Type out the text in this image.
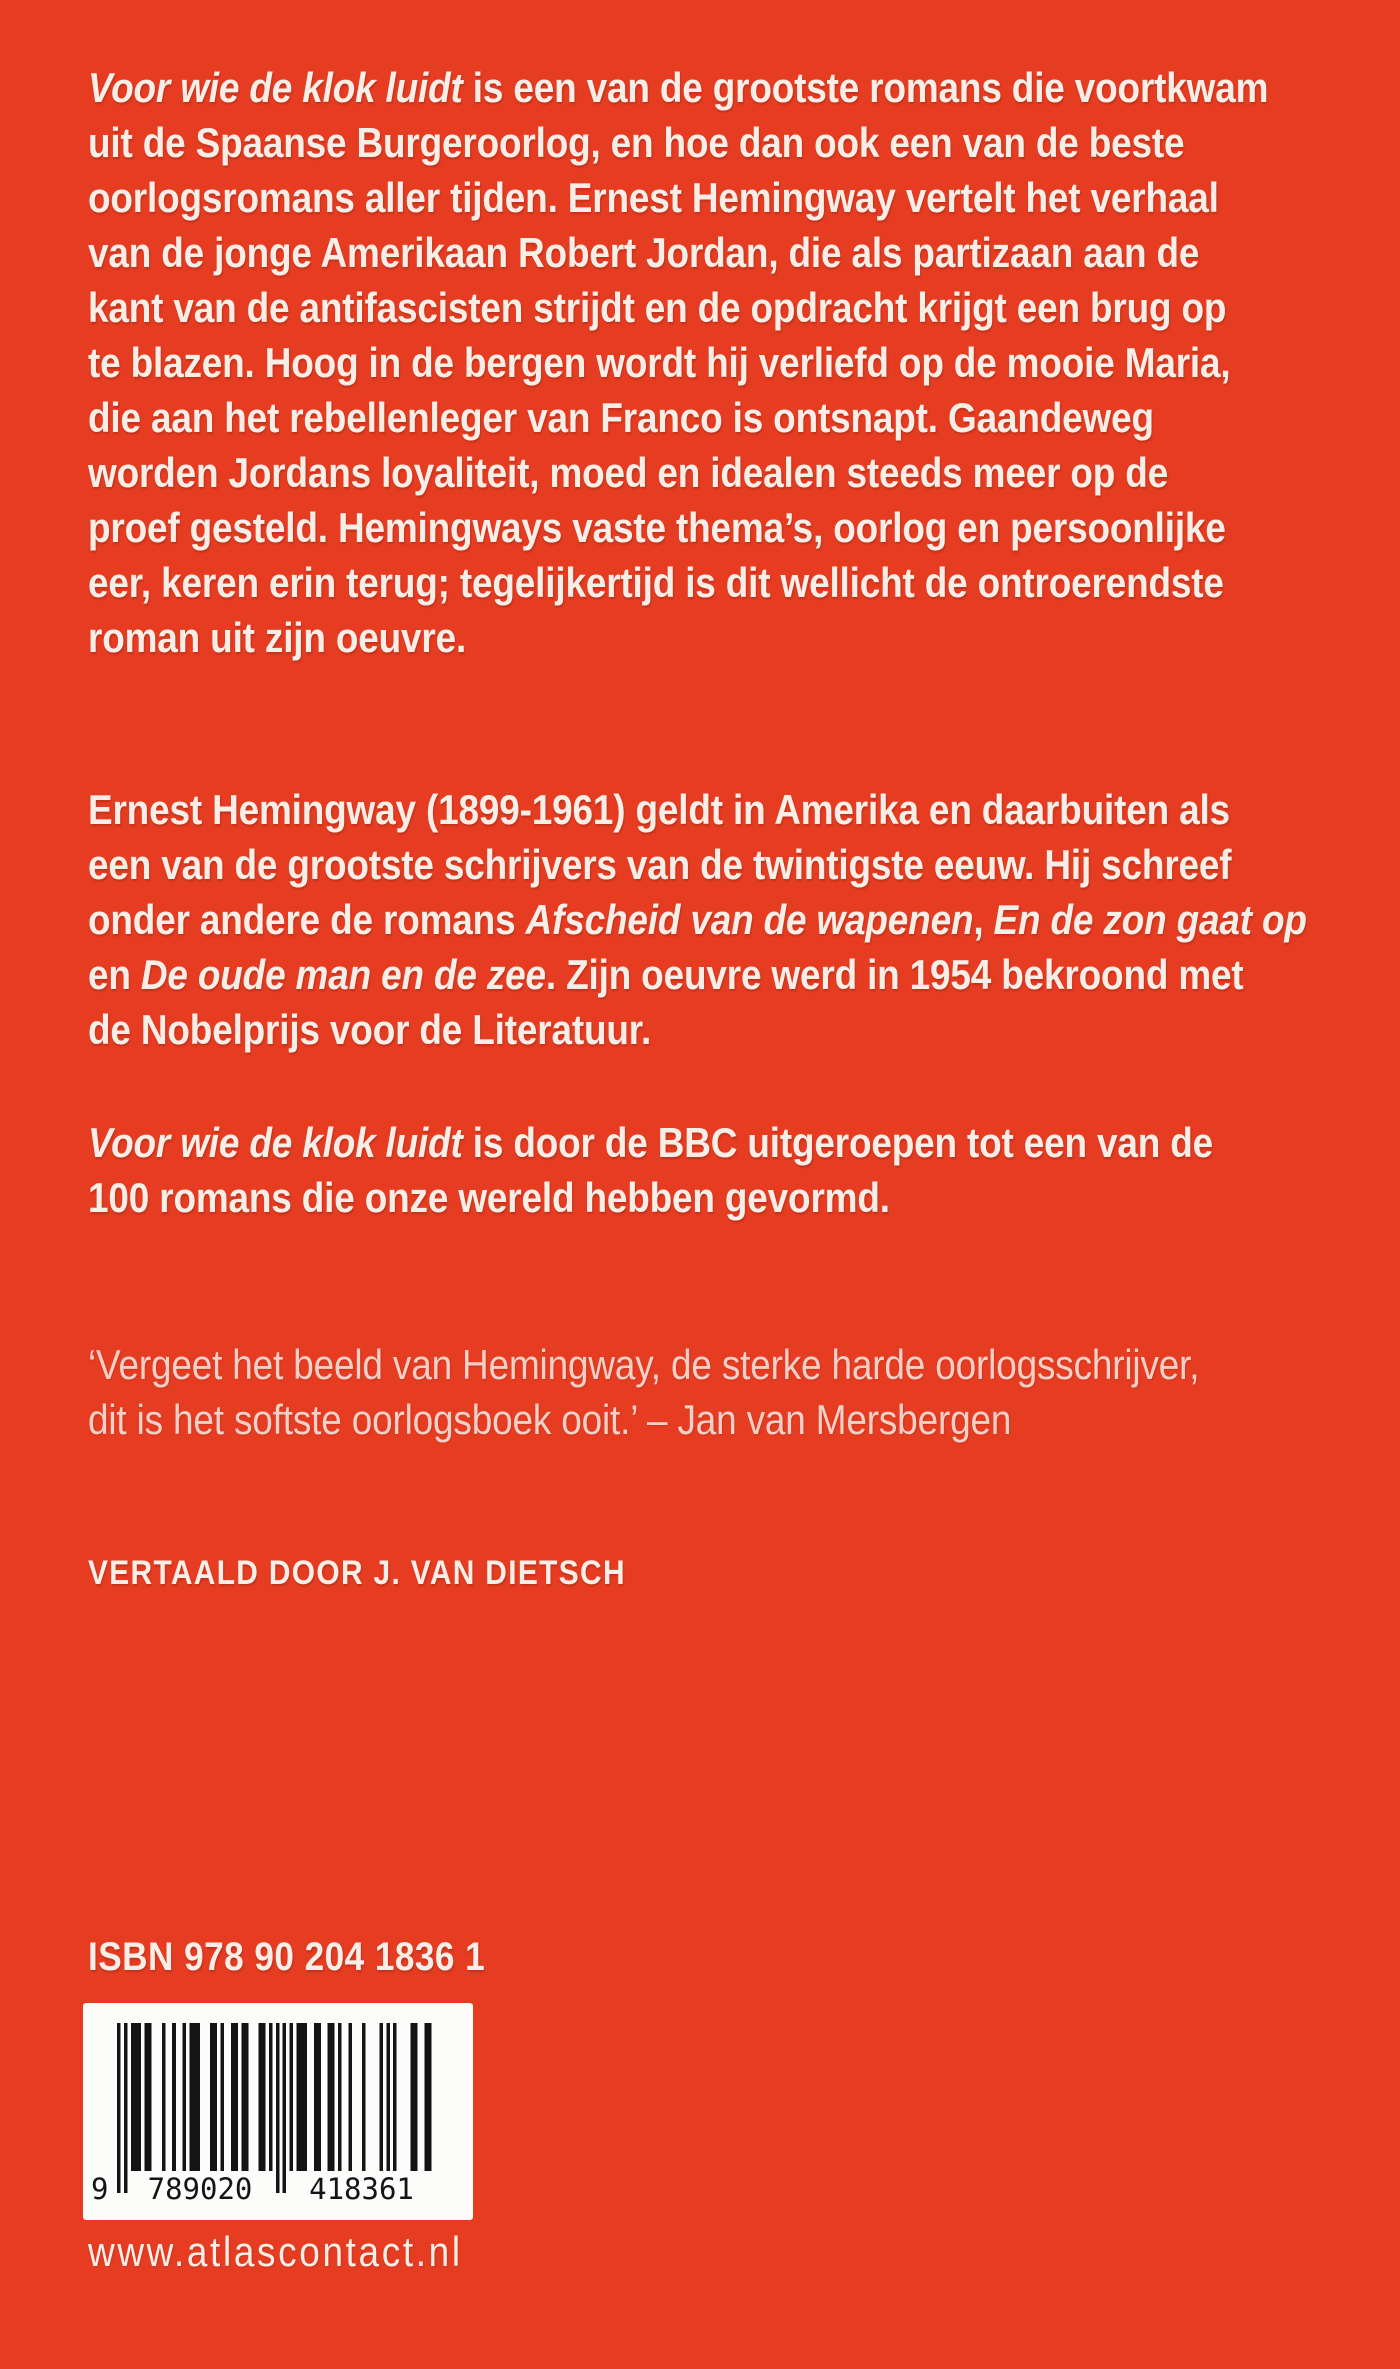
Voor wie de klok luidt is een van de grootste romans die voortkwam
uit de Spaanse Burgeroorlog, en hoe dan ook een van de beste
oorlogsromans aller tijden. Ernest Hemingway vertelt het verhaal
van de jonge Amerikaan Robert Jordan, die als partizaan aan de
kant van de antifascisten strijdt en de opdracht krijgt een brug op
te blazen. Hoog in de bergen wordt hij verliefd op de mooie Maria,
die aan het rebellenleger van Franco is ontsnapt. Gaandeweg
worden Jordans loyaliteit, moed en idealen steeds meer op de
proef gesteld. Hemingways vaste thema’s, oorlog en persoonlijke
eer, keren erin terug; tegelijkertijd is dit wellicht de ontroerendste
roman uit zijn oeuvre.
Ernest Hemingway (1899-1961) geldt in Amerika en daarbuiten als
een van de grootste schrijvers van de twintigste eeuw. Hij schreef
onder andere de romans Afscheid van de wapenen, En de zon gaat op
en De oude man en de zee. Zijn oeuvre werd in 1954 bekroond met
de Nobelprijs voor de Literatuur.
Voor wie de klok luidt is door de BBC uitgeroepen tot een van de
100 romans die onze wereld hebben gevormd.
‘Vergeet het beeld van Hemingway, de sterke harde oorlogsschrijver,
dit is het softste oorlogsboek ooit.’ – Jan van Mersbergen
VERTAALD DOOR J. VAN DIETSCH
ISBN 978 90 204 1836 1
9	789020	418361
www.atlascontact.nl
